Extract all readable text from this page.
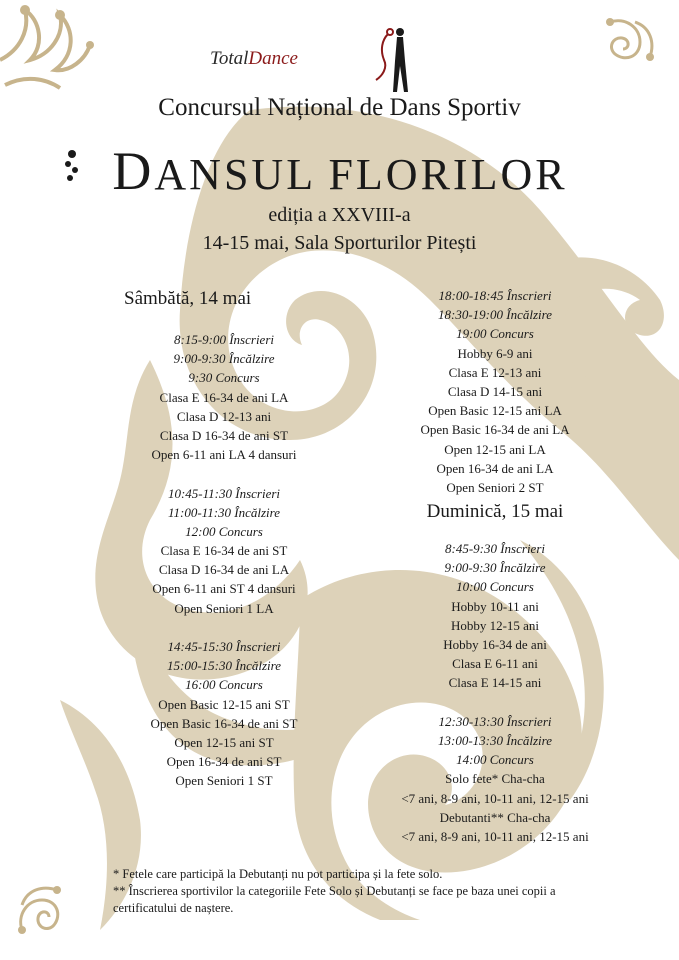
TotalDance
Concursul Național de Dans Sportiv
DANSUL FLORILOR
ediția a XXVIII-a
14-15 mai, Sala Sporturilor Pitești
Sâmbătă, 14 mai
8:15-9:00 Înscrieri
9:00-9:30 Încălzire
9:30 Concurs
Clasa E 16-34 de ani LA
Clasa D 12-13 ani
Clasa D 16-34 de ani ST
Open 6-11 ani LA 4 dansuri
10:45-11:30 Înscrieri
11:00-11:30 Încălzire
12:00 Concurs
Clasa E 16-34 de ani ST
Clasa D 16-34 de ani LA
Open 6-11 ani ST 4 dansuri
Open Seniori 1 LA
14:45-15:30 Înscrieri
15:00-15:30 Încălzire
16:00 Concurs
Open Basic 12-15 ani ST
Open Basic 16-34 de ani ST
Open 12-15 ani ST
Open 16-34 de ani ST
Open Seniori 1 ST
18:00-18:45 Înscrieri
18:30-19:00 Încălzire
19:00 Concurs
Hobby 6-9 ani
Clasa E 12-13 ani
Clasa D 14-15 ani
Open Basic 12-15 ani LA
Open Basic 16-34 de ani LA
Open 12-15 ani LA
Open 16-34 de ani LA
Open Seniori 2 ST
Duminică, 15 mai
8:45-9:30 Înscrieri
9:00-9:30 Încălzire
10:00 Concurs
Hobby 10-11 ani
Hobby 12-15 ani
Hobby 16-34 de ani
Clasa E 6-11 ani
Clasa E 14-15 ani
12:30-13:30 Înscrieri
13:00-13:30 Încălzire
14:00 Concurs
Solo fete* Cha-cha
<7 ani, 8-9 ani, 10-11 ani, 12-15 ani
Debutanti** Cha-cha
<7 ani, 8-9 ani, 10-11 ani, 12-15 ani
* Fetele care participă la Debutanți nu pot participa și la fete solo.
** Înscrierea sportivilor la categoriile Fete Solo și Debutanți se face pe baza unei copii a
certificatului de naștere.
